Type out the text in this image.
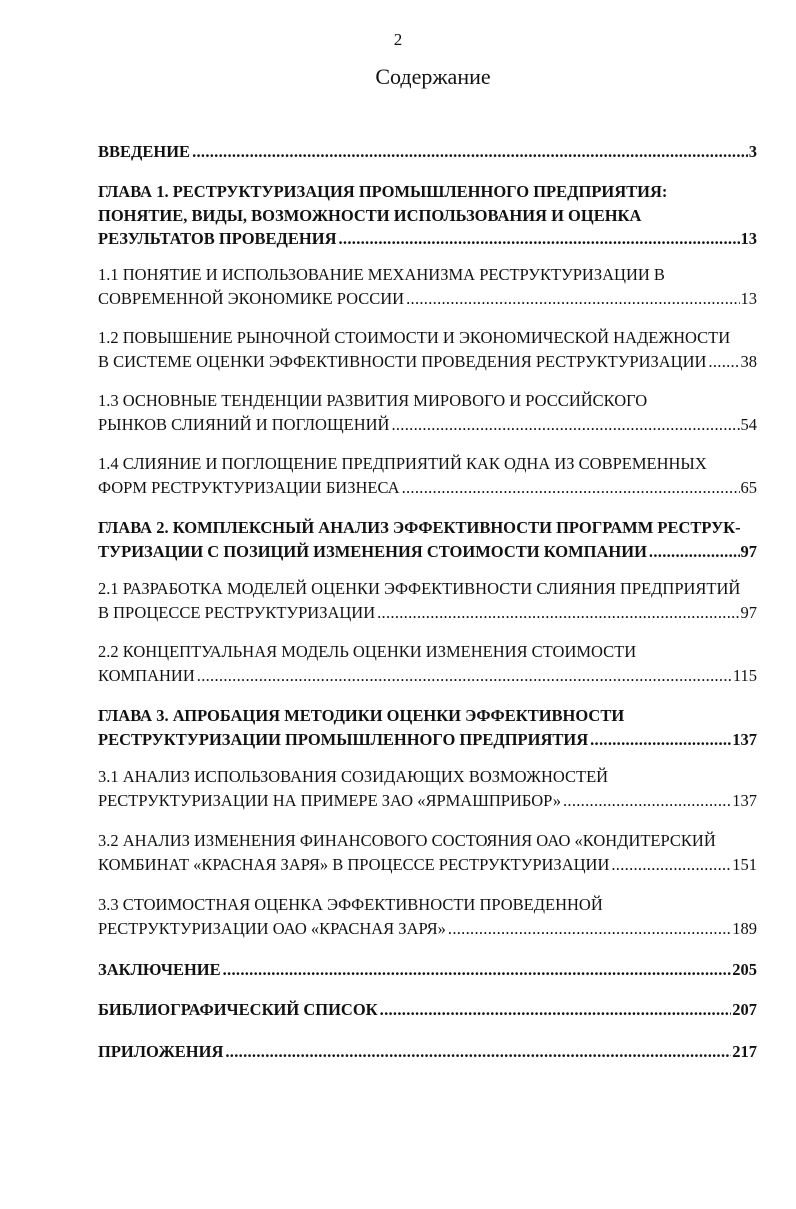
2
Содержание
ВВЕДЕНИЕ .....	3
ГЛАВА 1. РЕСТРУКТУРИЗАЦИЯ ПРОМЫШЛЕННОГО ПРЕДПРИЯТИЯ:
ПОНЯТИЕ, ВИДЫ, ВОЗМОЖНОСТИ ИСПОЛЬЗОВАНИЯ И ОЦЕНКА
РЕЗУЛЬТАТОВ ПРОВЕДЕНИЯ .....	13
1.1 ПОНЯТИЕ И ИСПОЛЬЗОВАНИЕ МЕХАНИЗМА РЕСТРУКТУРИЗАЦИИ В
СОВРЕМЕННОЙ ЭКОНОМИКЕ РОССИИ .....	13
1.2 ПОВЫШЕНИЕ РЫНОЧНОЙ СТОИМОСТИ И ЭКОНОМИЧЕСКОЙ НАДЕЖНОСТИ
В СИСТЕМЕ ОЦЕНКИ ЭФФЕКТИВНОСТИ ПРОВЕДЕНИЯ РЕСТРУКТУРИЗАЦИИ ..... 38
1.3 ОСНОВНЫЕ ТЕНДЕНЦИИ РАЗВИТИЯ МИРОВОГО И РОССИЙСКОГО
РЫНКОВ СЛИЯНИЙ И ПОГЛОЩЕНИЙ .....	54
1.4 СЛИЯНИЕ И ПОГЛОЩЕНИЕ ПРЕДПРИЯТИЙ КАК ОДНА ИЗ СОВРЕМЕННЫХ
ФОРМ РЕСТРУКТУРИЗАЦИИ БИЗНЕСА .....	65
ГЛАВА 2. КОМПЛЕКСНЫЙ АНАЛИЗ ЭФФЕКТИВНОСТИ ПРОГРАММ РЕСТРУК-
ТУРИЗАЦИИ С ПОЗИЦИЙ ИЗМЕНЕНИЯ СТОИМОСТИ КОМПАНИИ .....	97
2.1 РАЗРАБОТКА МОДЕЛЕЙ ОЦЕНКИ ЭФФЕКТИВНОСТИ СЛИЯНИЯ ПРЕДПРИЯТИЙ
В ПРОЦЕССЕ РЕСТРУКТУРИЗАЦИИ .....	97
2.2 КОНЦЕПТУАЛЬНАЯ МОДЕЛЬ ОЦЕНКИ ИЗМЕНЕНИЯ СТОИМОСТИ
КОМПАНИИ .....	115
ГЛАВА 3. АПРОБАЦИЯ МЕТОДИКИ ОЦЕНКИ ЭФФЕКТИВНОСТИ
РЕСТРУКТУРИЗАЦИИ ПРОМЫШЛЕННОГО ПРЕДПРИЯТИЯ .....	137
3.1 АНАЛИЗ ИСПОЛЬЗОВАНИЯ СОЗИДАЮЩИХ ВОЗМОЖНОСТЕЙ
РЕСТРУКТУРИЗАЦИИ НА ПРИМЕРЕ ЗАО «ЯРМАШПРИБОР» .....	137
3.2 АНАЛИЗ ИЗМЕНЕНИЯ ФИНАНСОВОГО СОСТОЯНИЯ ОАО «КОНДИТЕРСКИЙ
КОМБИНАТ «КРАСНАЯ ЗАРЯ» В ПРОЦЕССЕ РЕСТРУКТУРИЗАЦИИ .....	151
3.3 СТОИМОСТНАЯ ОЦЕНКА ЭФФЕКТИВНОСТИ ПРОВЕДЕННОЙ
РЕСТРУКТУРИЗАЦИИ ОАО «КРАСНАЯ ЗАРЯ» .....	189
ЗАКЛЮЧЕНИЕ .....	205
БИБЛИОГРАФИЧЕСКИЙ СПИСОК .....	207
ПРИЛОЖЕНИЯ .....	217
